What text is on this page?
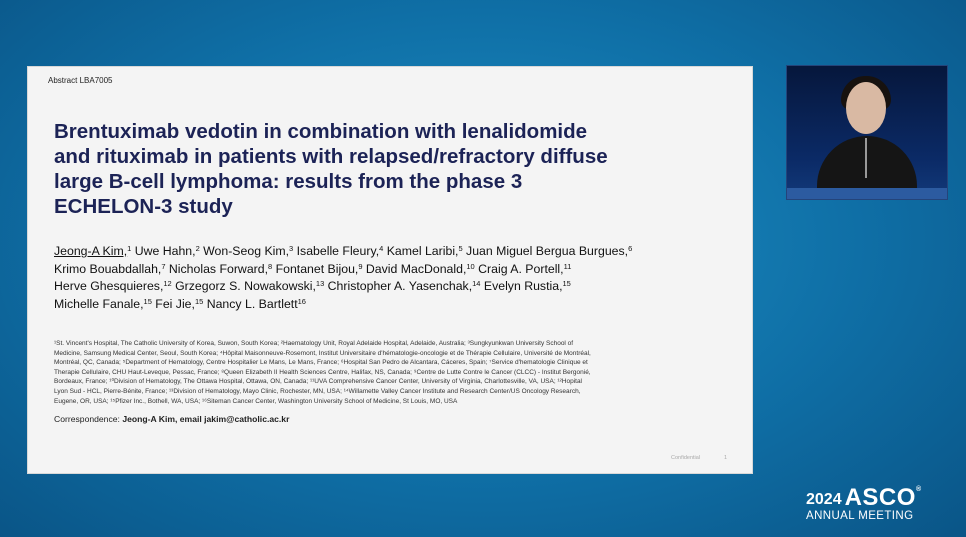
Abstract LBA7005
Brentuximab vedotin in combination with lenalidomide
and rituximab in patients with relapsed/refractory diffuse
large B-cell lymphoma: results from the phase 3
ECHELON-3 study
Jeong-A Kim,$^1$ Uwe Hahn,$^2$ Won-Seog Kim,$^3$ Isabelle Fleury,$^4$ Kamel Laribi,$^5$ Juan Miguel Bergua Burgues,$^6$
Krimo Bouabdallah,$^7$ Nicholas Forward,$^8$ Fontanet Bijou,$^9$ David MacDonald,$^{10}$ Craig A. Portell,$^{11}$
Herve Ghesquieres,$^{12}$ Grzegorz S. Nowakowski,$^{13}$ Christopher A. Yasenchak,$^{14}$ Evelyn Rustia,$^{15}$
Michelle Fanale,$^{15}$ Fei Jie,$^{15}$ Nancy L. Bartlett$^{16}$
¹St. Vincent's Hospital, The Catholic University of Korea, Suwon, South Korea; ²Haematology Unit, Royal Adelaide Hospital, Adelaide, Australia; ³Sungkyunkwan University School of
Medicine, Samsung Medical Center, Seoul, South Korea; ⁴Hôpital Maisonneuve-Rosemont, Institut Universitaire d'hématologie-oncologie et de Thérapie Cellulaire, Université de Montréal,
Montréal, QC, Canada; ⁵Department of Hematology, Centre Hospitalier Le Mans, Le Mans, France; ⁶Hospital San Pedro de Alcantara, Cáceres, Spain; ⁷Service d'hematologie Clinique et
Therapie Cellulaire, CHU Haut-Leveque, Pessac, France; ⁸Queen Elizabeth II Health Sciences Centre, Halifax, NS, Canada; ⁹Centre de Lutte Contre le Cancer (CLCC) - Institut Bergonié,
Bordeaux, France; ¹⁰Division of Hematology, The Ottawa Hospital, Ottawa, ON, Canada; ¹¹UVA Comprehensive Cancer Center, University of Virginia, Charlottesville, VA, USA; ¹²Hopital
Lyon Sud - HCL, Pierre-Bénite, France; ¹³Division of Hematology, Mayo Clinic, Rochester, MN, USA; ¹⁴Willamette Valley Cancer Institute and Research Center/US Oncology Research,
Eugene, OR, USA; ¹⁵Pfizer Inc., Bothell, WA, USA; ¹⁶Siteman Cancer Center, Washington University School of Medicine, St Louis, MO, USA
Correspondence: Jeong-A Kim, email jakim@catholic.ac.kr
Confidential	1
2024 ASCO®
ANNUAL MEETING
